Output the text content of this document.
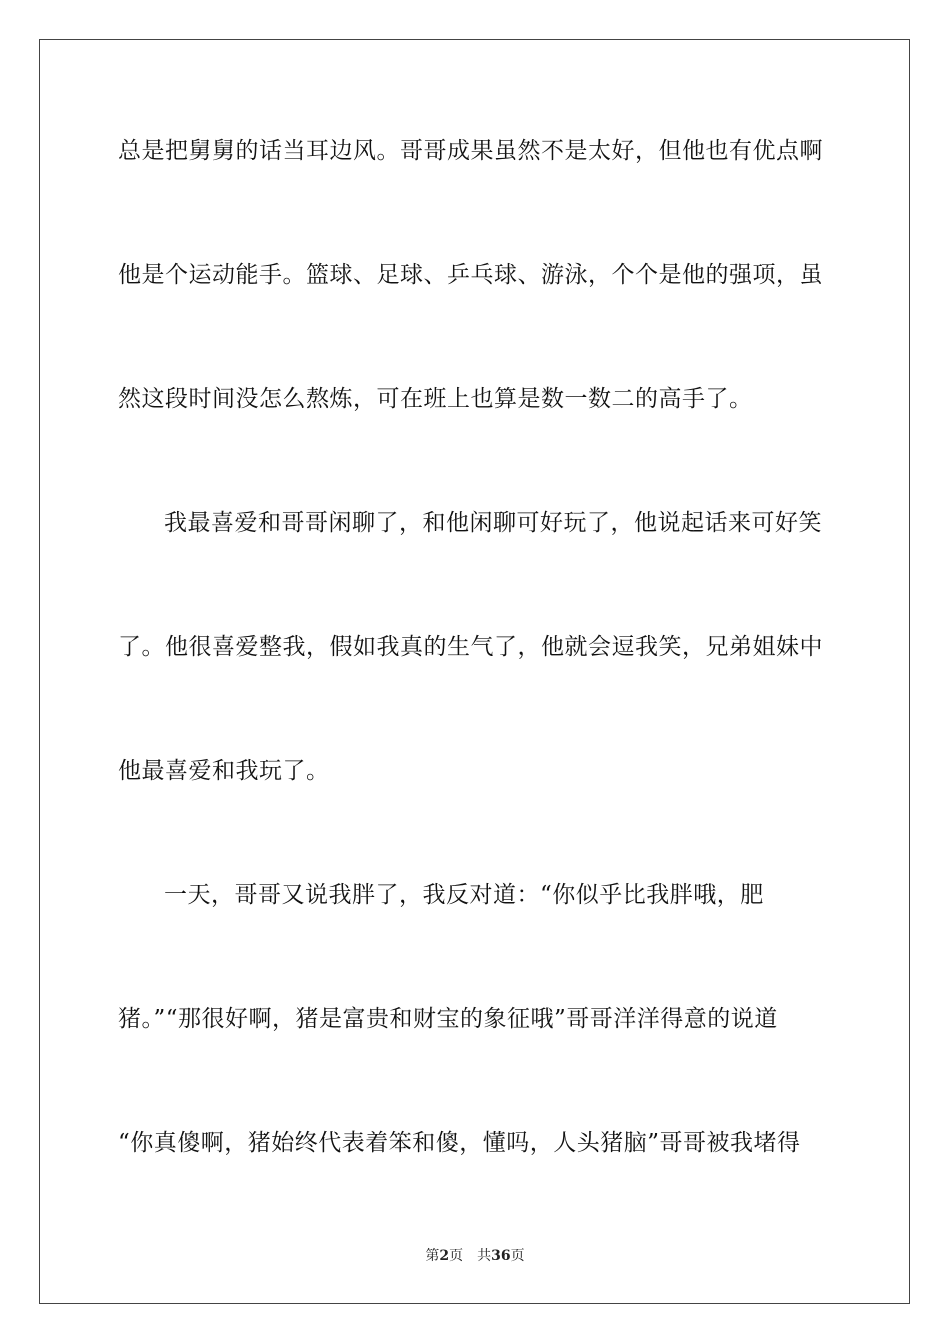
总是把舅舅的话当耳边风。哥哥成果虽然不是太好，但他也有优点啊
他是个运动能手。篮球、足球、乒乓球、游泳，个个是他的强项，虽
然这段时间没怎么熬炼，可在班上也算是数一数二的高手了。
我最喜爱和哥哥闲聊了，和他闲聊可好玩了，他说起话来可好笑
了。他很喜爱整我，假如我真的生气了，他就会逗我笑，兄弟姐妹中
他最喜爱和我玩了。
一天，哥哥又说我胖了，我反对道：“你似乎比我胖哦，肥
猪。”“那很好啊，猪是富贵和财宝的象征哦”哥哥洋洋得意的说道
“你真傻啊，猪始终代表着笨和傻，懂吗，人头猪脑”哥哥被我堵得
第2页 共36页
